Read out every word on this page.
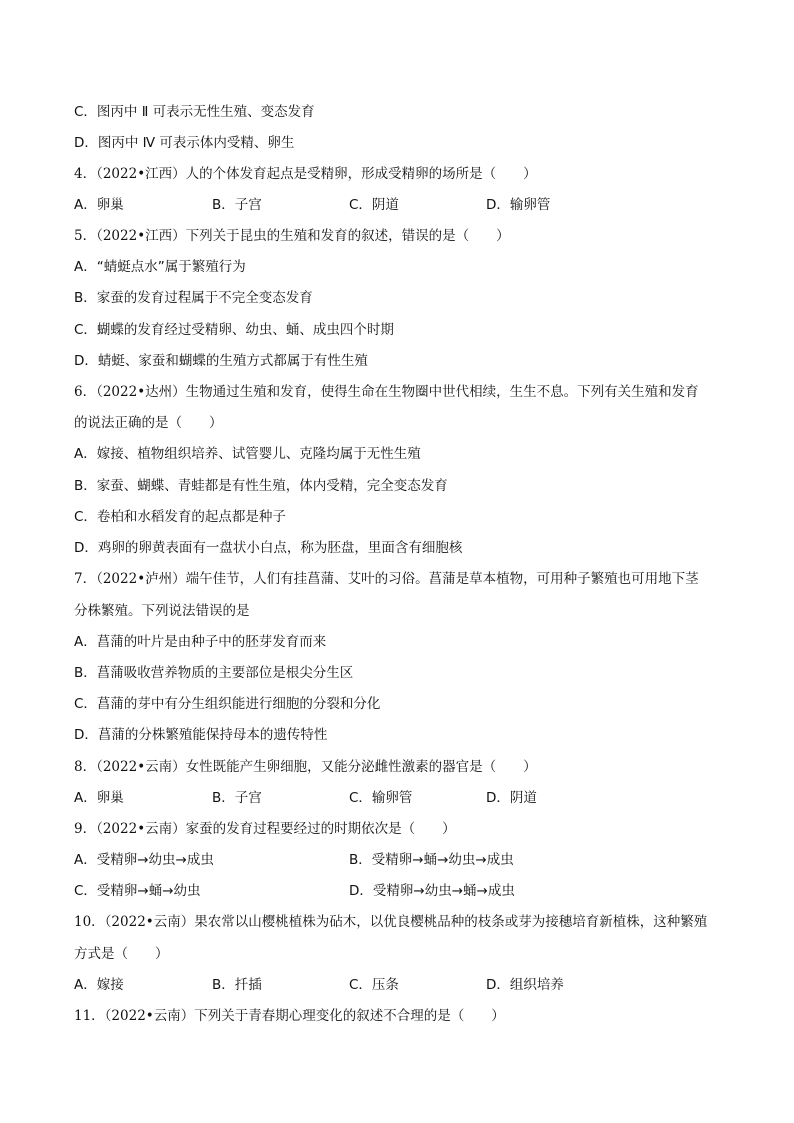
C．图丙中 Ⅱ 可表示无性生殖、变态发育
D．图丙中 Ⅳ 可表示体内受精、卵生
4．（2022•江西）人的个体发育起点是受精卵，形成受精卵的场所是（　　）
A．卵巢	B．子宫	C．阴道	D．输卵管
5．（2022•江西）下列关于昆虫的生殖和发育的叙述，错误的是（　　）
A．“蜻蜓点水”属于繁殖行为
B．家蚕的发育过程属于不完全变态发育
C．蝴蝶的发育经过受精卵、幼虫、蛹、成虫四个时期
D．蜻蜓、家蚕和蝴蝶的生殖方式都属于有性生殖
6．（2022•达州）生物通过生殖和发育，使得生命在生物圈中世代相续，生生不息。下列有关生殖和发育
的说法正确的是（　　）
A．嫁接、植物组织培养、试管婴儿、克隆均属于无性生殖
B．家蚕、蝴蝶、青蛙都是有性生殖，体内受精，完全变态发育
C．卷柏和水稻发育的起点都是种子
D．鸡卵的卵黄表面有一盘状小白点，称为胚盘，里面含有细胞核
7．（2022•泸州）端午佳节，人们有挂菖蒲、艾叶的习俗。菖蒲是草本植物，可用种子繁殖也可用地下茎
分株繁殖。下列说法错误的是
A．菖蒲的叶片是由种子中的胚芽发育而来
B．菖蒲吸收营养物质的主要部位是根尖分生区
C．菖蒲的芽中有分生组织能进行细胞的分裂和分化
D．菖蒲的分株繁殖能保持母本的遗传特性
8．（2022•云南）女性既能产生卵细胞，又能分泌雌性激素的器官是（　　）
A．卵巢	B．子宫	C．输卵管	D．阴道
9．（2022•云南）家蚕的发育过程要经过的时期依次是（　　）
A．受精卵→幼虫→成虫	B．受精卵→蛹→幼虫→成虫
C．受精卵→蛹→幼虫	D．受精卵→幼虫→蛹→成虫
10．（2022•云南）果农常以山樱桃植株为砧木，以优良樱桃品种的枝条或芽为接穗培育新植株，这种繁殖
方式是（　　）
A．嫁接	B．扦插	C．压条	D．组织培养
11．（2022•云南）下列关于青春期心理变化的叙述不合理的是（　　）
